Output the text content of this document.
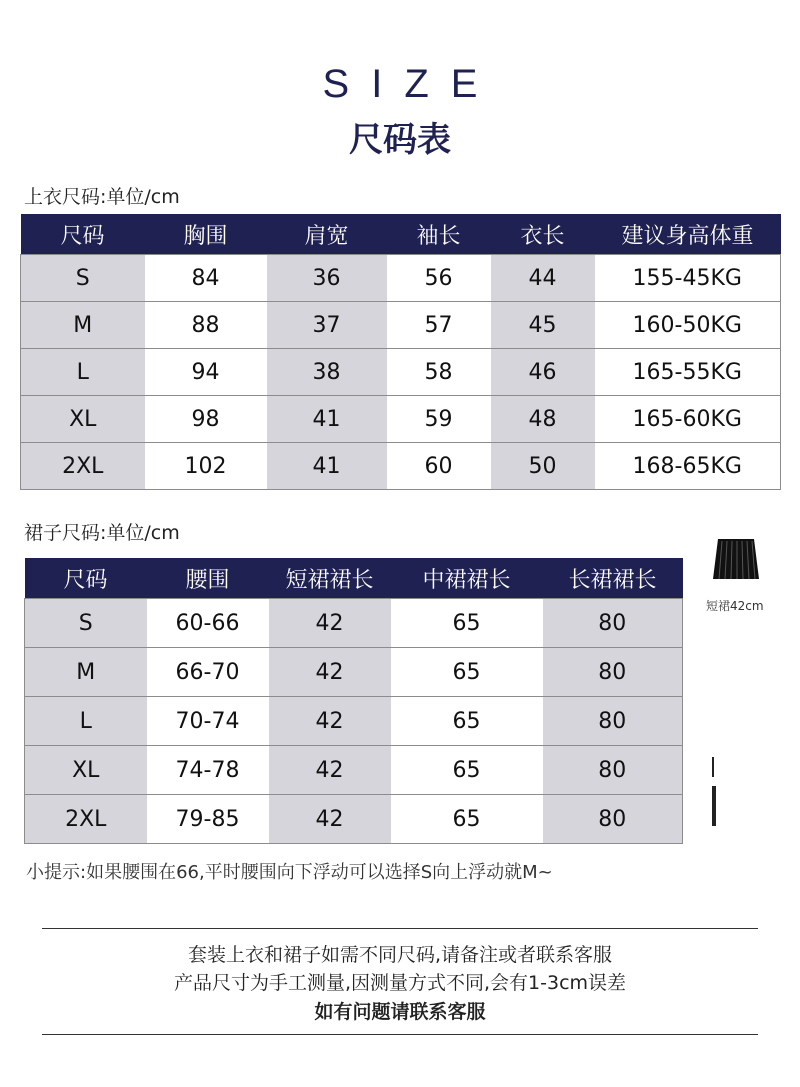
SIZE
尺码表
上衣尺码:单位/cm
尺码	胸围	肩宽	袖长	衣长	建议身高体重
S	84	36	56	44	155-45KG
M	88	37	57	45	160-50KG
L	94	38	58	46	165-55KG
XL	98	41	59	48	165-60KG
2XL	102	41	60	50	168-65KG
裙子尺码:单位/cm
尺码	腰围	短裙裙长	中裙裙长	长裙裙长
S	60-66	42	65	80
M	66-70	42	65	80
L	70-74	42	65	80
XL	74-78	42	65	80
2XL	79-85	42	65	80
短裙42cm
小提示:如果腰围在66,平时腰围向下浮动可以选择S向上浮动就M~
套装上衣和裙子如需不同尺码,请备注或者联系客服
产品尺寸为手工测量,因测量方式不同,会有1-3cm误差
如有问题请联系客服
